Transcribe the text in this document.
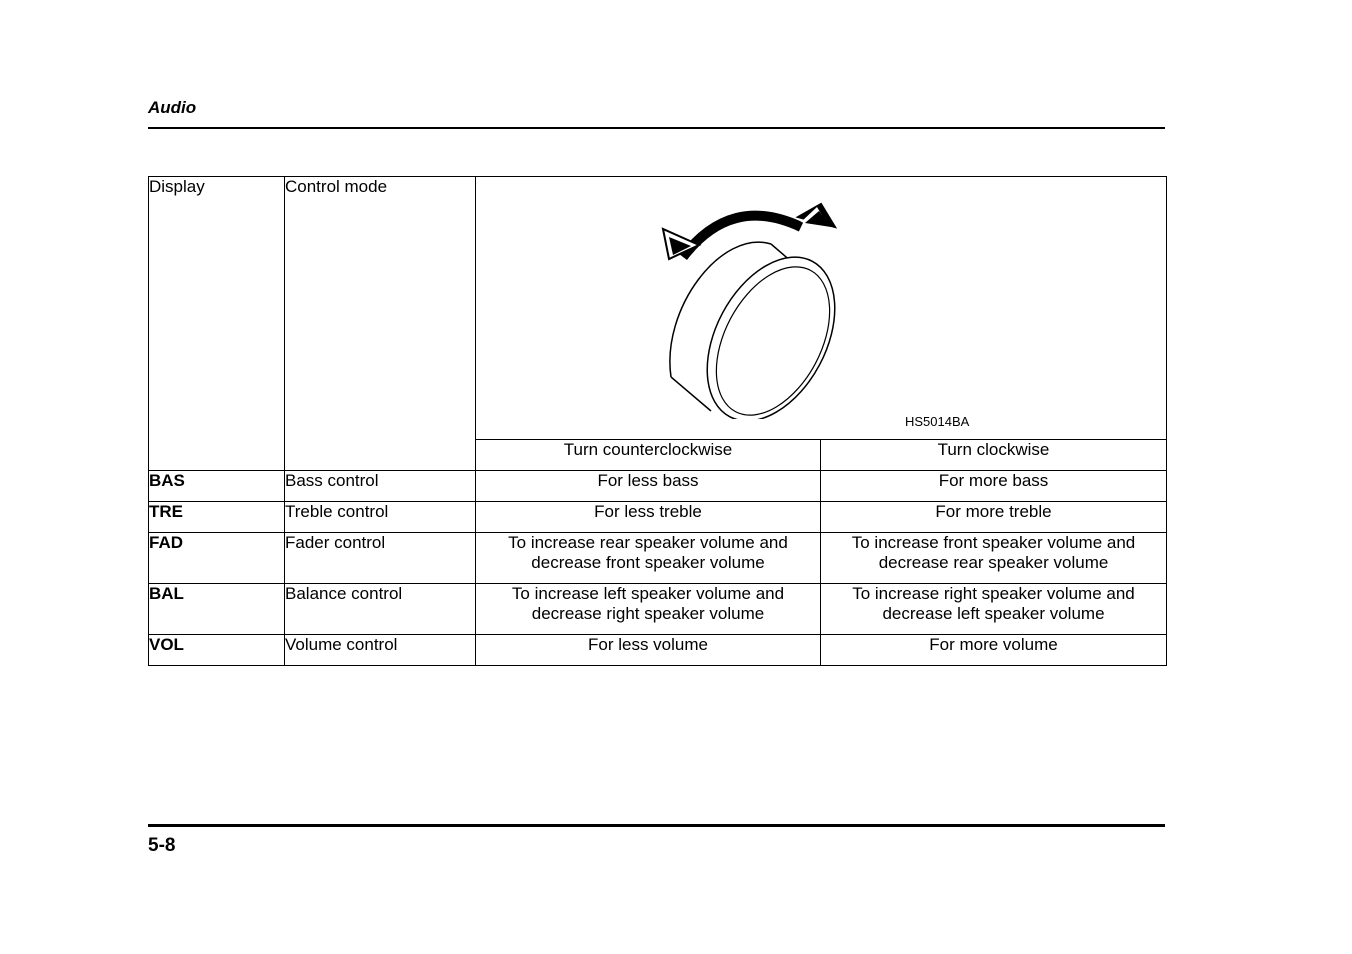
Audio
Display	Control mode	HS5014BA	

		Turn counterclockwise	Turn clockwise
BAS	Bass control	For less bass	For more bass
TRE	Treble control	For less treble	For more treble
FAD	Fader control	To increase rear speaker volume and decrease front speaker volume	To increase front speaker volume and decrease rear speaker volume
BAL	Balance control	To increase left speaker volume and decrease right speaker volume	To increase right speaker volume and decrease left speaker volume
VOL	Volume control	For less volume	For more volume
5-8
